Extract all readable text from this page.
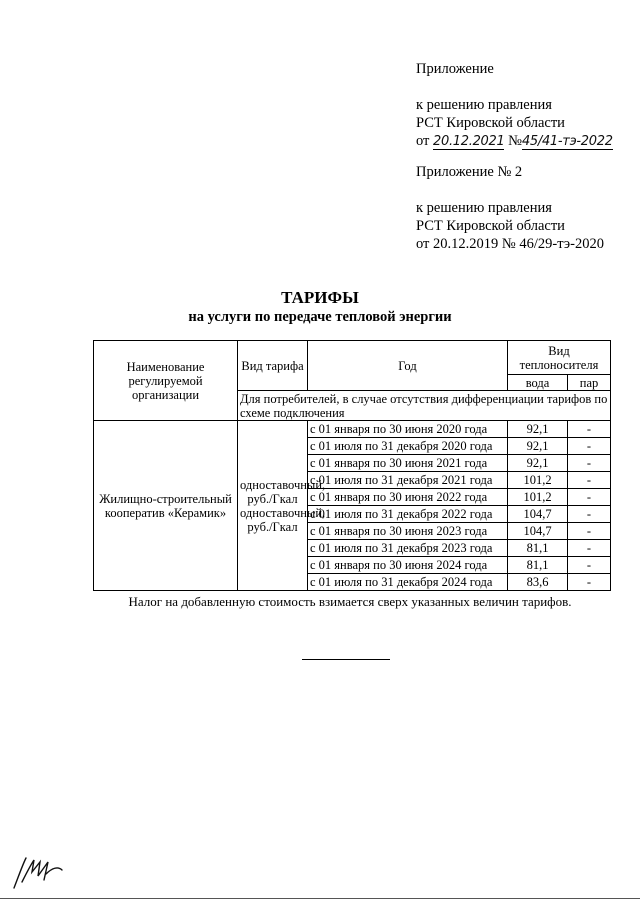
Приложение
к решению правления
РСТ Кировской области
от 20.12.2021 №45/41-тэ-2022
Приложение № 2
к решению правления
РСТ Кировской области
от 20.12.2019 № 46/29-тэ-2020
ТАРИФЫ
на услуги по передаче тепловой энергии
Наименование регулируемой организации	Вид тарифа	Год	Вид теплоносителя	
			вода	пар
	Для потребителей, в случае отсутствия дифференциации тарифов по схеме подключения			
Жилищно-строительный кооператив «Керамик»	одноставочный, руб./Гкал одноставочный, руб./Гкал	с 01 января по 30 июня 2020 года	92,1	-
		с 01 июля по 31 декабря 2020 года	92,1	-
		с 01 января по 30 июня 2021 года	92,1	-
		с 01 июля по 31 декабря 2021 года	101,2	-
		с 01 января по 30 июня 2022 года	101,2	-
		с 01 июля по 31 декабря 2022 года	104,7	-
		с 01 января по 30 июня 2023 года	104,7	-
		с 01 июля по 31 декабря 2023 года	81,1	-
		с 01 января по 30 июня 2024 года	81,1	-
		с 01 июля по 31 декабря 2024 года	83,6	-
Налог на добавленную стоимость взимается сверх указанных величин тарифов.
